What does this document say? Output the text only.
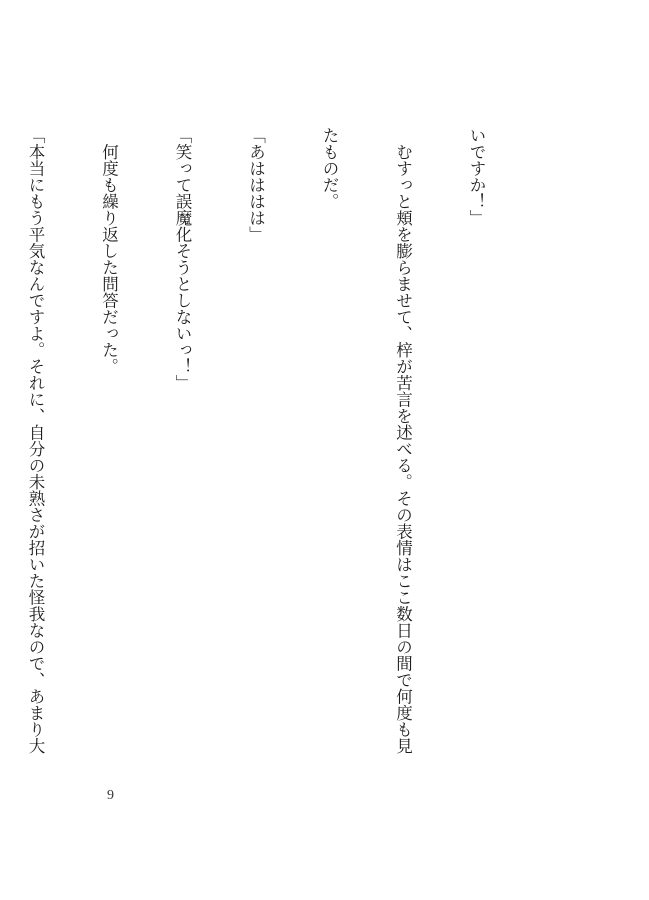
いですか！」

　むすっと頬を膨らませて、梓が苦言を述べる。その表情はここ数日の間で何度も見

たものだ。

「あはははは」

「笑って誤魔化そうとしないっ！」

　何度も繰り返した問答だった。

「本当にもう平気なんですよ。それに、自分の未熟さが招いた怪我なので、あまり大

9
